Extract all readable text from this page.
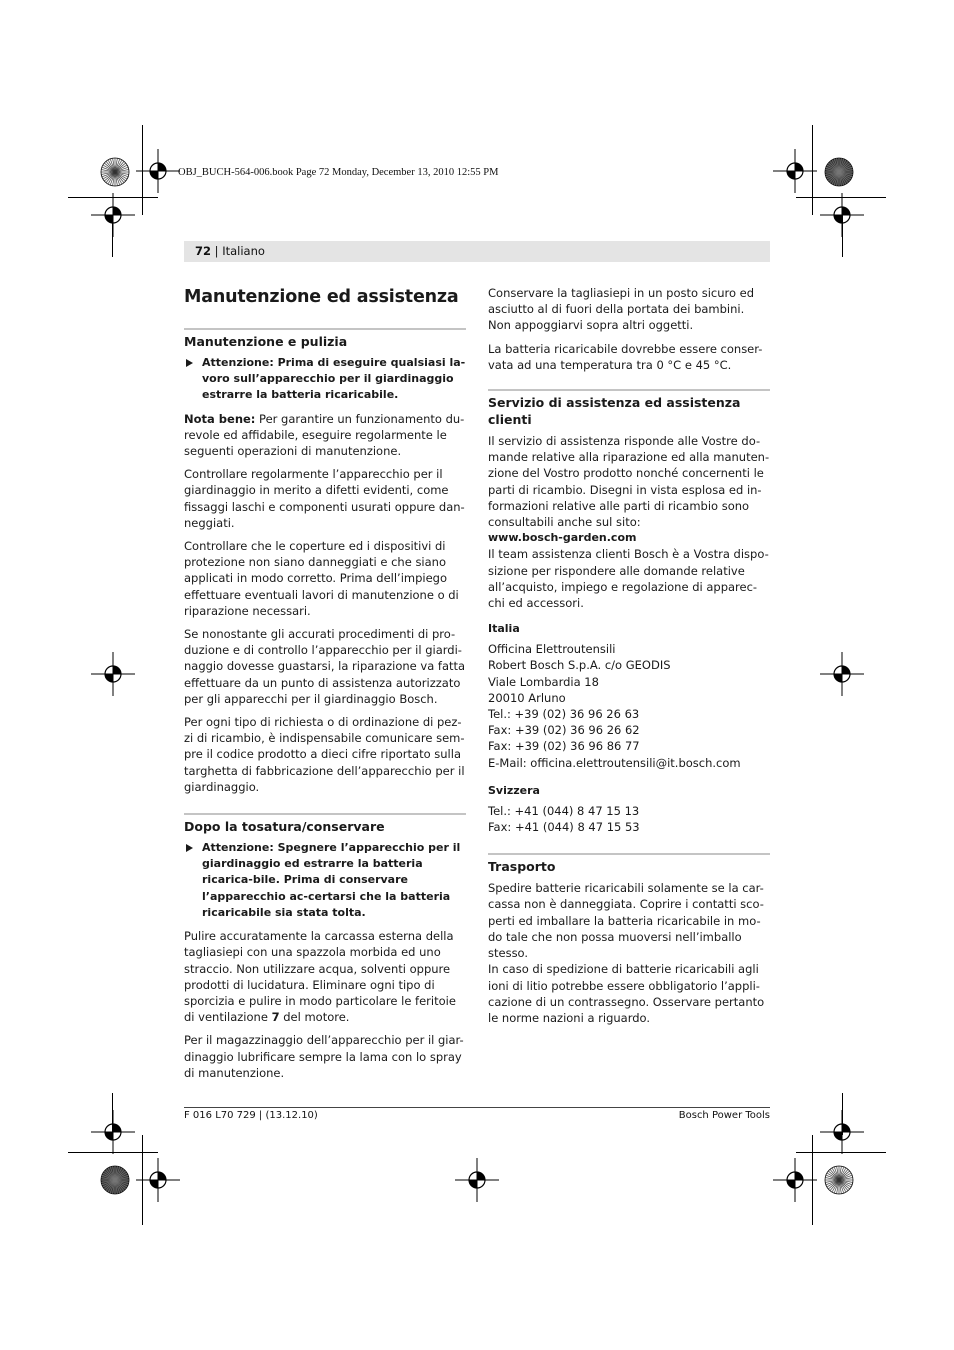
OBJ_BUCH-564-006.book Page 72 Monday, December 13, 2010 12:55 PM
72 | Italiano
Manutenzione ed assistenza
Manutenzione e pulizia

Attenzione: Prima di eseguire qualsiasi la-voro sull’apparecchio per il giardinaggio estrarre la batteria ricaricabile.

Nota bene: Per garantire un funzionamento du-revole ed affidabile, eseguire regolarmente le seguenti operazioni di manutenzione.

Controllare regolarmente l’apparecchio per il giardinaggio in merito a difetti evidenti, come fissaggi laschi e componenti usurati oppure dan-neggiati.

Controllare che le coperture ed i dispositivi di protezione non siano danneggiati e che siano applicati in modo corretto. Prima dell’impiego effettuare eventuali lavori di manutenzione o di riparazione necessari.

Se nonostante gli accurati procedimenti di pro-duzione e di controllo l’apparecchio per il giardi-naggio dovesse guastarsi, la riparazione va fatta effettuare da un punto di assistenza autorizzato per gli apparecchi per il giardinaggio Bosch.

Per ogni tipo di richiesta o di ordinazione di pez-zi di ricambio, è indispensabile comunicare sem-pre il codice prodotto a dieci cifre riportato sulla targhetta di fabbricazione dell’apparecchio per il giardinaggio.

Dopo la tosatura/conservare

Attenzione: Spegnere l’apparecchio per il giardinaggio ed estrarre la batteria ricarica-bile. Prima di conservare l’apparecchio ac-certarsi che la batteria ricaricabile sia stata tolta.

Pulire accuratamente la carcassa esterna della tagliasiepi con una spazzola morbida ed uno straccio. Non utilizzare acqua, solventi oppure prodotti di lucidatura. Eliminare ogni tipo di sporcizia e pulire in modo particolare le feritoie di ventilazione 7 del motore.

Per il magazzinaggio dell’apparecchio per il giar-dinaggio lubrificare sempre la lama con lo spray di manutenzione.

Conservare la tagliasiepi in un posto sicuro ed asciutto al di fuori della portata dei bambini. Non appoggiarvi sopra altri oggetti.

La batteria ricaricabile dovrebbe essere conser-vata ad una temperatura tra 0 °C e 45 °C.

Servizio di assistenza ed assistenza clienti

Il servizio di assistenza risponde alle Vostre do-mande relative alla riparazione ed alla manuten-zione del Vostro prodotto nonché concernenti le parti di ricambio. Disegni in vista esplosa ed in-formazioni relative alle parti di ricambio sono consultabili anche sul sito:

www.bosch-garden.com

Il team assistenza clienti Bosch è a Vostra dispo-sizione per rispondere alle domande relative all’acquisto, impiego e regolazione di apparec-chi ed accessori.

Italia

Officina Elettroutensili

Robert Bosch S.p.A. c/o GEODIS

Viale Lombardia 18

20010 Arluno

Tel.: +39 (02) 36 96 26 63

Fax: +39 (02) 36 96 26 62

Fax: +39 (02) 36 96 86 77

E-Mail: officina.elettroutensili@it.bosch.com

Svizzera

Tel.: +41 (044) 8 47 15 13

Fax: +41 (044) 8 47 15 53

Trasporto

Spedire batterie ricaricabili solamente se la car-cassa non è danneggiata. Coprire i contatti sco-perti ed imballare la batteria ricaricabile in mo-do tale che non possa muoversi nell’imballo stesso.

In caso di spedizione di batterie ricaricabili agli ioni di litio potrebbe essere obbligatorio l’appli-cazione di un contrassegno. Osservare pertanto le norme nazioni a riguardo.

F 016 L70 729 | (13.12.10)	Bosch Power Tools
